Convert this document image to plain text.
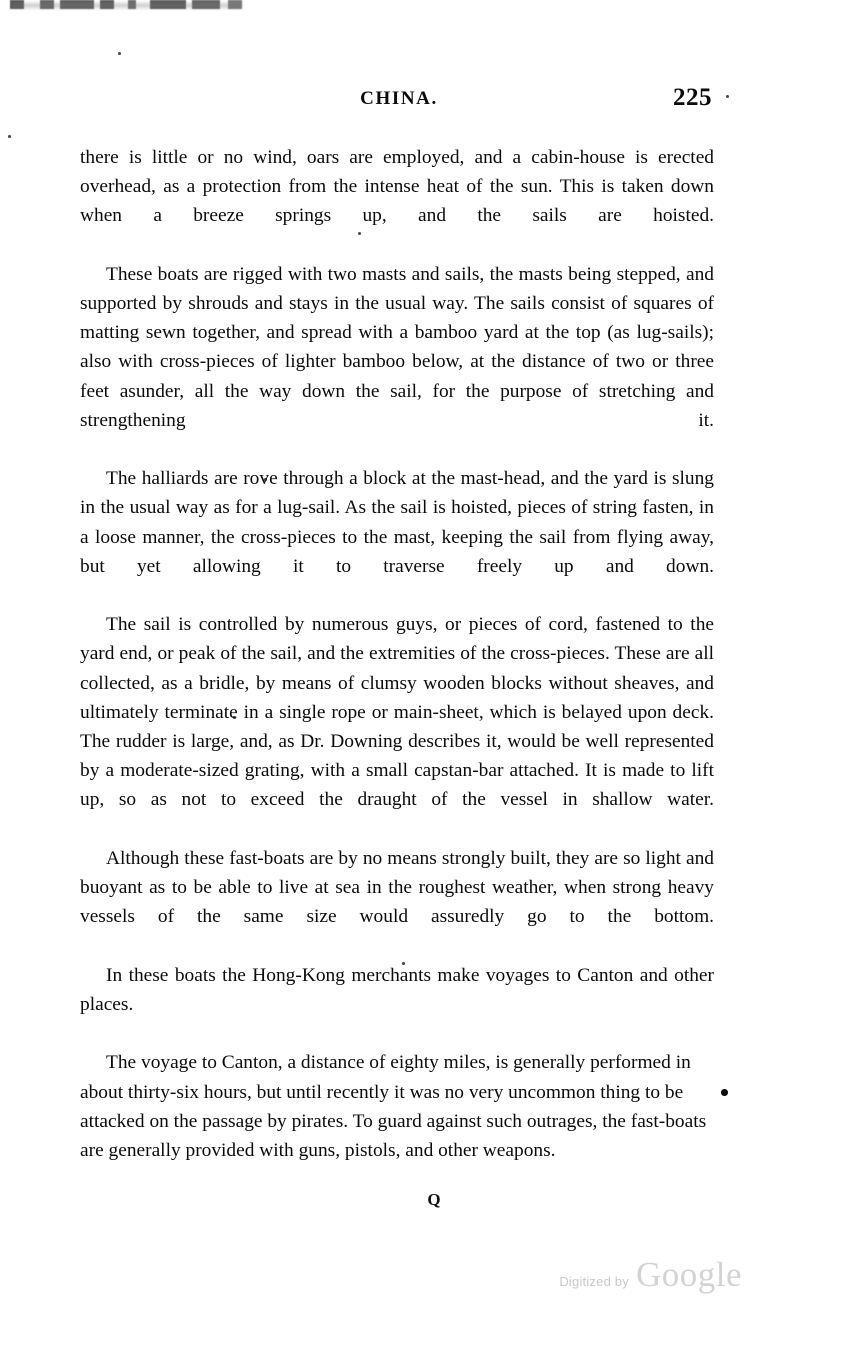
CHINA.	225

there is little or no wind, oars are employed, and a cabin-house is erected overhead, as a protection from the intense heat of the sun. This is taken down when a breeze springs up, and the sails are hoisted.

These boats are rigged with two masts and sails, the masts being stepped, and supported by shrouds and stays in the usual way. The sails consist of squares of matting sewn together, and spread with a bamboo yard at the top (as lug-sails); also with cross-pieces of lighter bamboo below, at the distance of two or three feet asunder, all the way down the sail, for the purpose of stretching and strengthening it.

The halliards are rove through a block at the mast-head, and the yard is slung in the usual way as for a lug-sail. As the sail is hoisted, pieces of string fasten, in a loose manner, the cross-pieces to the mast, keeping the sail from flying away, but yet allowing it to traverse freely up and down.

The sail is controlled by numerous guys, or pieces of cord, fastened to the yard end, or peak of the sail, and the extremities of the cross-pieces. These are all collected, as a bridle, by means of clumsy wooden blocks without sheaves, and ultimately terminate in a single rope or main-sheet, which is belayed upon deck. The rudder is large, and, as Dr. Downing describes it, would be well represented by a moderate-sized grating, with a small capstan-bar attached. It is made to lift up, so as not to exceed the draught of the vessel in shallow water.

Although these fast-boats are by no means strongly built, they are so light and buoyant as to be able to live at sea in the roughest weather, when strong heavy vessels of the same size would assuredly go to the bottom.

In these boats the Hong-Kong merchants make voyages to Canton and other places.

The voyage to Canton, a distance of eighty miles, is generally performed in about thirty-six hours, but until recently it was no very uncommon thing to be attacked on the passage by pirates. To guard against such outrages, the fast-boats are generally provided with guns, pistols, and other weapons.

Q
Digitized by Google
